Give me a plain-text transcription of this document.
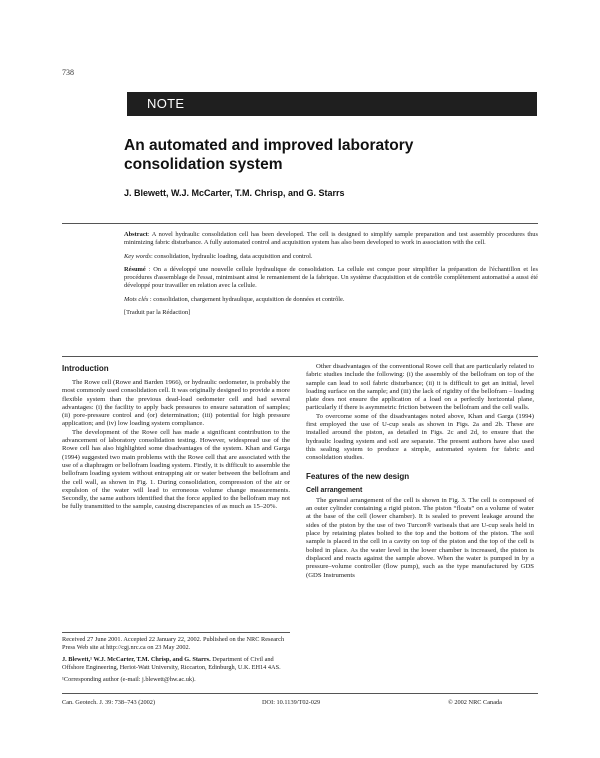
738
NOTE
An automated and improved laboratory
consolidation system
J. Blewett, W.J. McCarter, T.M. Chrisp, and G. Starrs

Abstract: A novel hydraulic consolidation cell has been developed. The cell is designed to simplify sample preparation and test assembly procedures thus minimizing fabric disturbance. A fully automated control and acquisition system has also been developed to work in association with the cell.

Key words: consolidation, hydraulic loading, data acquisition and control.

Résumé : On a développé une nouvelle cellule hydraulique de consolidation. La cellule est conçue pour simplifier la préparation de l'échantillon et les procédures d'assemblage de l'essai, minimisant ainsi le remaniement de la fabrique. Un système d'acquisition et de contrôle complètement automatisé a aussi été développé pour travailler en relation avec la cellule.

Mots clés : consolidation, chargement hydraulique, acquisition de données et contrôle.

[Traduit par la Rédaction]

Introduction

The Rowe cell (Rowe and Barden 1966), or hydraulic oedometer, is probably the most commonly used consolidation cell. It was originally designed to provide a more flexible system than the previous dead-load oedometer cell and had several advantages: (i) the facility to apply back pressures to ensure saturation of samples; (ii) pore-pressure control and (or) determination; (iii) potential for high pressure application; and (iv) low loading system compliance.

The development of the Rowe cell has made a significant contribution to the advancement of laboratory consolidation testing. However, widespread use of the Rowe cell has also highlighted some disadvantages of the system. Khan and Garga (1994) suggested two main problems with the Rowe cell that are associated with the use of a diaphragm or bellofram loading system. Firstly, it is difficult to assemble the bellofram loading system without entrapping air or water between the bellofram and the cell wall, as shown in Fig. 1. During consolidation, compression of the air or expulsion of the water will lead to erroneous volume change measurements. Secondly, the same authors identified that the force applied to the bellofram may not be fully transmitted to the sample, causing discrepancies of as much as 15–20%.

Other disadvantages of the conventional Rowe cell that are particularly related to fabric studies include the following: (i) the assembly of the bellofram on top of the sample can lead to soil fabric disturbance; (ii) it is difficult to get an initial, level loading surface on the sample; and (iii) the lack of rigidity of the bellofram – loading plate does not ensure the application of a load on a perfectly horizontal plane, particularly if there is asymmetric friction between the bellofram and the cell walls.

To overcome some of the disadvantages noted above, Khan and Garga (1994) first employed the use of U-cup seals as shown in Figs. 2a and 2b. These are installed around the piston, as detailed in Figs. 2c and 2d, to ensure that the hydraulic loading system and soil are separate. The present authors have also used this sealing system to produce a simple, automated system for fabric and consolidation studies.

Features of the new design
Cell arrangement

The general arrangement of the cell is shown in Fig. 3. The cell is composed of an outer cylinder containing a rigid piston. The piston “floats” on a volume of water at the base of the cell (lower chamber). It is sealed to prevent leakage around the sides of the piston by the use of two Turcon® variseals that are U-cup seals held in place by retaining plates bolted to the top and the bottom of the piston. The soil sample is placed in the cell in a cavity on top of the piston and the top of the cell is bolted in place. As the water level in the lower chamber is increased, the piston is displaced and reacts against the sample above. When the water is pumped in by a pressure–volume controller (flow pump), such as the type manufactured by GDS (GDS Instruments

Received 27 June 2001. Accepted 22 January 22, 2002. Published on the NRC Research Press Web site at http://cgj.nrc.ca on 23 May 2002.

J. Blewett,¹ W.J. McCarter, T.M. Chrisp, and G. Starrs. Department of Civil and Offshore Engineering, Heriot-Watt University, Riccarton, Edinburgh, U.K. EH14 4AS.

¹Corresponding author (e-mail: j.blewett@hw.ac.uk).

Can. Geotech. J. 39: 738–743 (2002)	DOI: 10.1139/T02-029	© 2002 NRC Canada
